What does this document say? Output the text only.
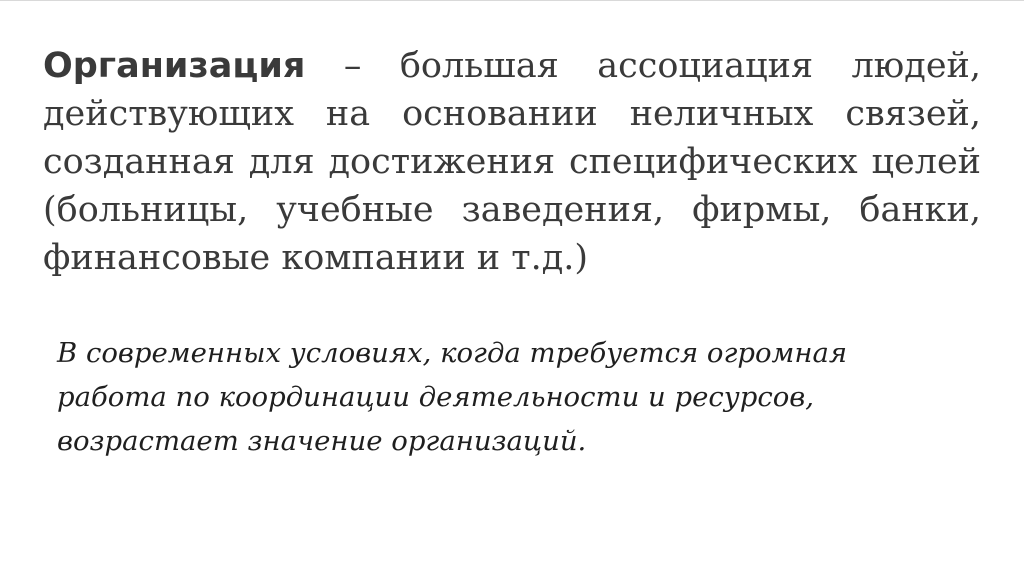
Организация – большая ассоциация людей, действующих на основании неличных связей, созданная для достижения специфических целей (больницы, учебные заведения, фирмы, банки, финансовые компании и т.д.)

В современных условиях, когда требуется огромная работа по координации деятельности и ресурсов, возрастает значение организаций.
